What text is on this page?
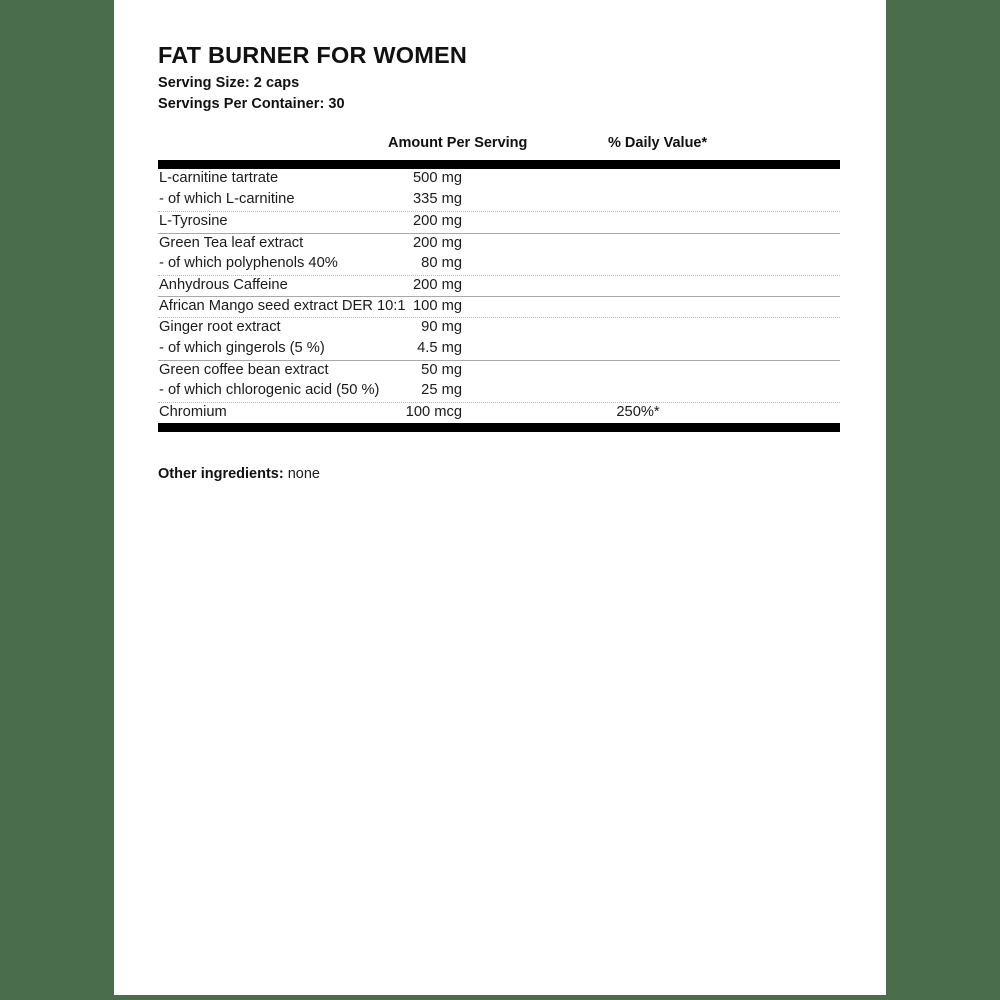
FAT BURNER FOR WOMEN
Serving Size: 2 caps
Servings Per Container: 30
Amount Per Serving	% Daily Value*
L-carnitine tartrate	500 mg
- of which L-carnitine	335 mg
L-Tyrosine	200 mg
Green Tea leaf extract	200 mg
- of which polyphenols 40%	80 mg
Anhydrous Caffeine	200 mg
African Mango seed extract DER 10:1 100 mg
Ginger root extract	90 mg
- of which gingerols (5 %)	4.5 mg
Green coffee bean extract	50 mg
- of which chlorogenic acid (50 %)	25 mg
Chromium	100 mcg	250%*
Other ingredients: none
